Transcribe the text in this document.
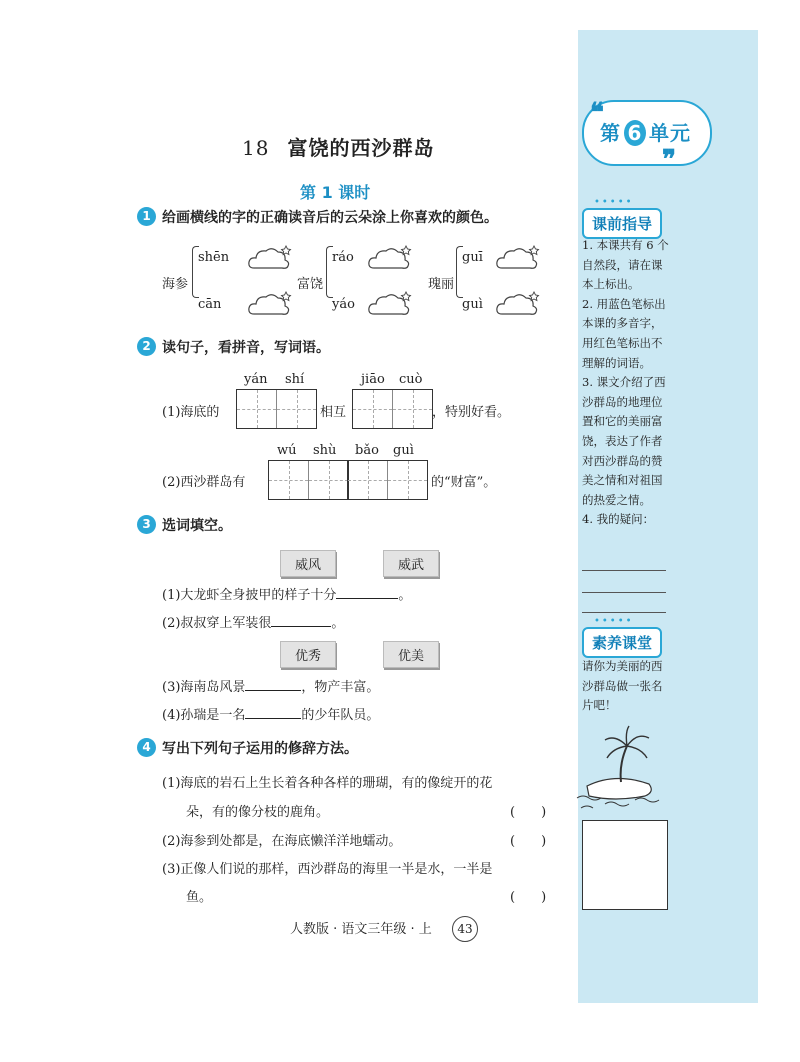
❝
❞
第 6 单元
•••••
课前指导
1. 本课共有 6 个
自然段，请在课
本上标出。
2. 用蓝色笔标出
本课的多音字，
用红色笔标出不
理解的词语。
3. 课文介绍了西
沙群岛的地理位
置和它的美丽富
饶，表达了作者
对西沙群岛的赞
美之情和对祖国
的热爱之情。
4. 我的疑问：
•••••
素养课堂
请你为美丽的西
沙群岛做一张名
片吧！
18 富饶的西沙群岛
第 1 课时
1 给画横线的字的正确读音后的云朵涂上你喜欢的颜色。
海参
shēn
cān
富饶
ráo
yáo
瑰丽
guī
guì
2 读句子，看拼音，写词语。
yán shí
(1)海底的	相互
jiāo cuò
，特别好看。
wú shù bǎo guì
(2)西沙群岛有	的“财富”。
3 选词填空。
威风	威武
(1)大龙虾全身披甲的样子十分	。
(2)叔叔穿上军装很	。
优秀	优美
(3)海南岛风景	，物产丰富。
(4)孙瑞是一名	的少年队员。
4 写出下列句子运用的修辞方法。
(1)海底的岩石上生长着各种各样的珊瑚，有的像绽开的花
朵，有的像分枝的鹿角。	(　　)
(2)海参到处都是，在海底懒洋洋地蠕动。	(　　)
(3)正像人们说的那样，西沙群岛的海里一半是水，一半是
鱼。	(　　)
人教版 · 语文三年级 · 上	43
